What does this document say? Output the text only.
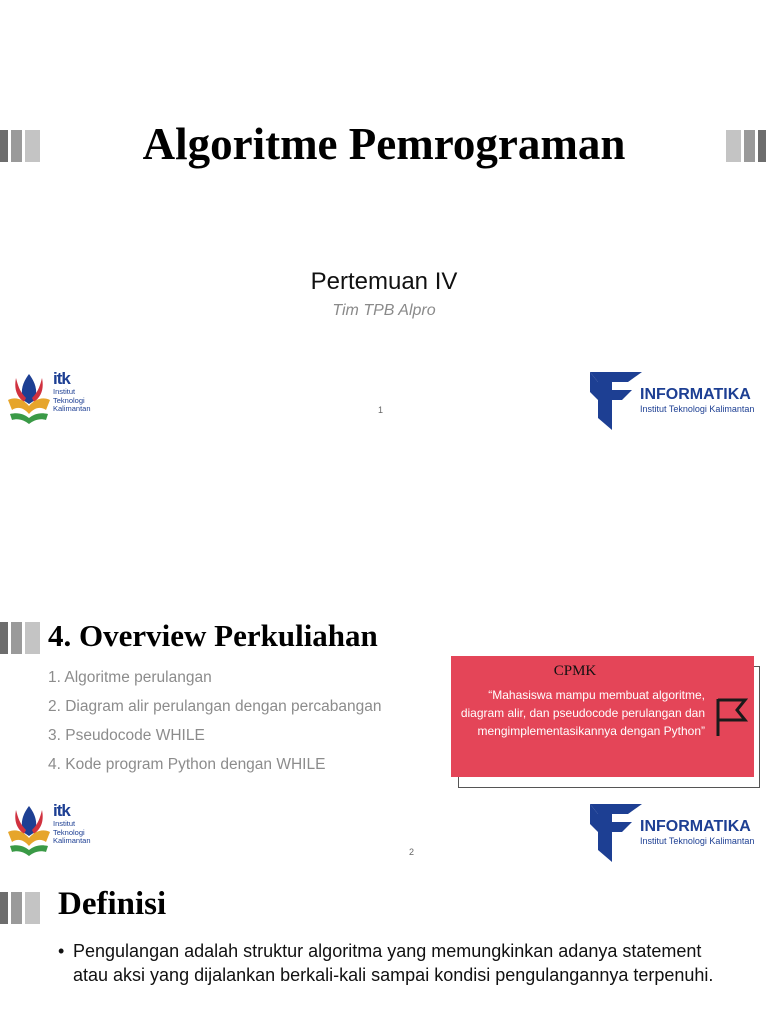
Algoritme Pemrograman
Pertemuan IV
Tim TPB Alpro
itk
Institut
Teknologi
Kalimantan	1
INFORMATIKA
Institut Teknologi Kalimantan
4. Overview Perkuliahan
1. Algoritme perulangan
2. Diagram alir perulangan dengan percabangan
3. Pseudocode WHILE
4. Kode program Python dengan WHILE
CPMK
“Mahasiswa mampu membuat algoritme, diagram alir, dan pseudocode perulangan dan mengimplementasikannya dengan Python”
itk
Institut
Teknologi
Kalimantan
2
INFORMATIKA
Institut Teknologi Kalimantan
Definisi
• Pengulangan adalah struktur algoritma yang memungkinkan adanya statement atau aksi yang dijalankan berkali-kali sampai kondisi pengulangannya terpenuhi.
